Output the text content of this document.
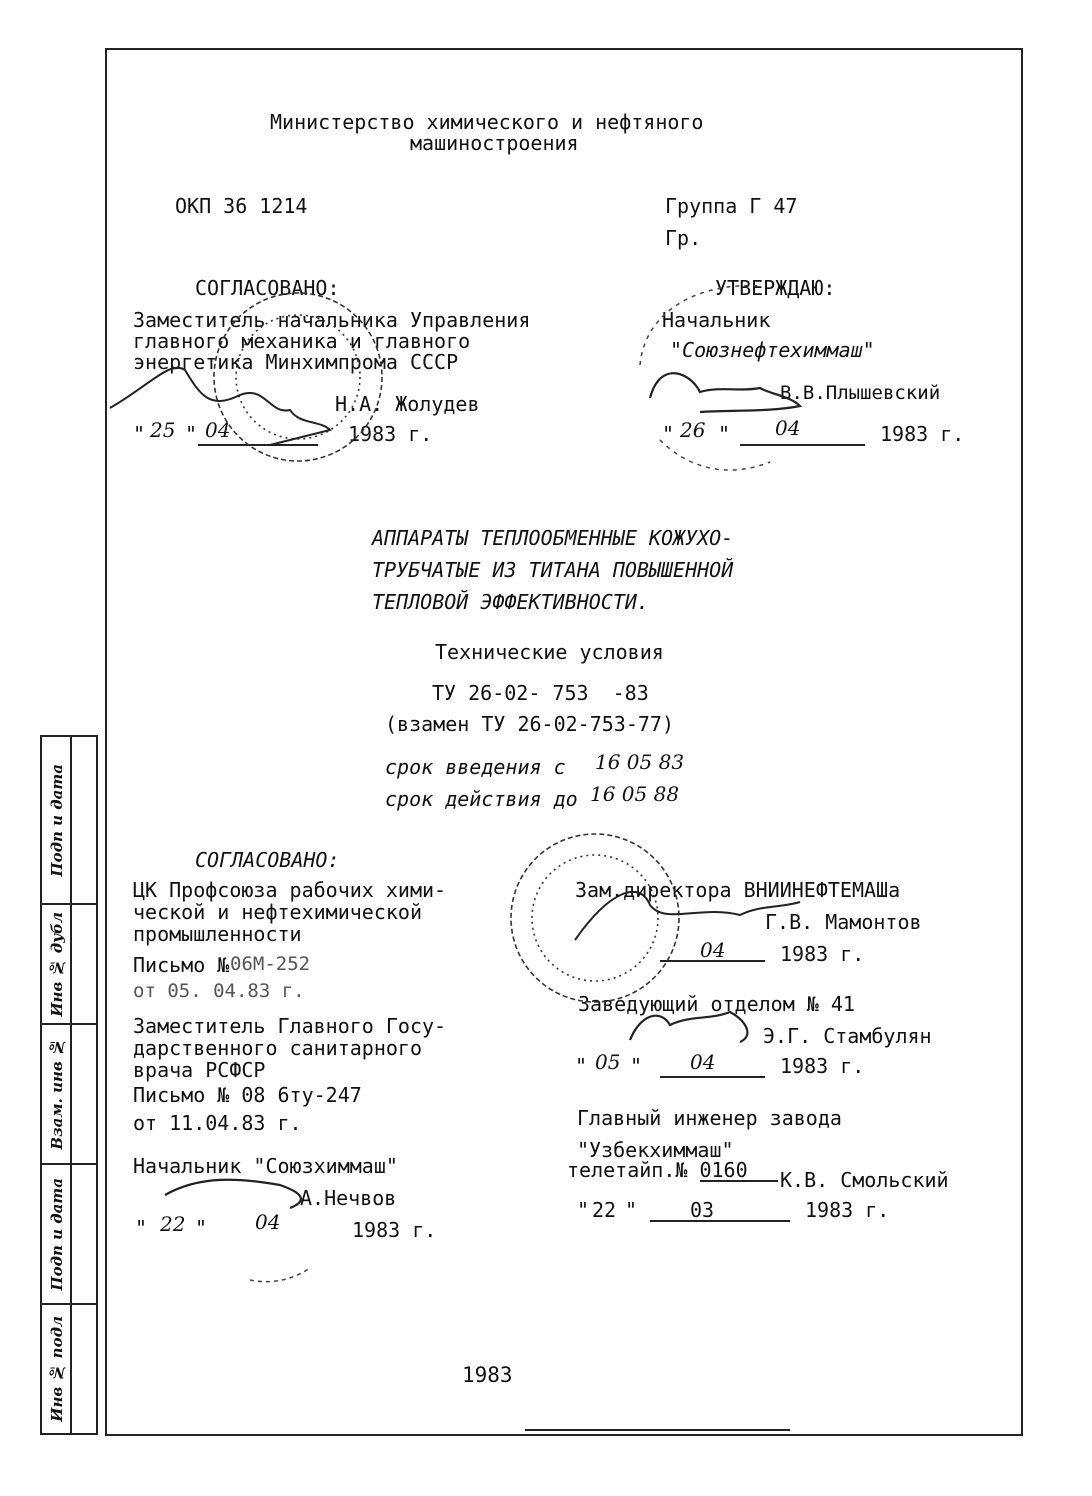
Подп и дата
Инв № дубл
Взам. инв №
Подп и дата
Инв № подл
Министерство химического и нефтяного
машиностроения
ОКП 36 1214	Группа Г 47
Гр.
СОГЛАСОВАНО:
Заместитель начальника Управления
главного механика и главного
энергетика Минхимпрома СССР
Н.А. Жолудев
" 25 " 04	1983 г.
УТВЕРЖДАЮ:
Начальник
"Союзнефтехиммаш"
В.В.Плышевский
" 26 " 04	1983 г.
АППАРАТЫ ТЕПЛООБМЕННЫЕ КОЖУХО-
ТРУБЧАТЫЕ ИЗ ТИТАНА ПОВЫШЕННОЙ
ТЕПЛОВОЙ ЭФФЕКТИВНОСТИ.
Технические условия
ТУ 26-02- 753  -83
(взамен ТУ 26-02-753-77)
срок введения с 16 05 83
срок действия до 16 05 88
СОГЛАСОВАНО:
ЦК Профсоюза рабочих хими-
ческой и нефтехимической
промышленности
Письмо № 06М-252
от 05. 04.83 г.
Заместитель Главного Госу-
дарственного санитарного
врача РСФСР
Письмо № 08 6ту-247
от 11.04.83 г.
Начальник "Союзхиммаш"
А.Нечвов
" 22 " 04	1983 г.
Зам.директора ВНИИНЕФТЕМАШа
Г.В. Мамонтов
04	1983 г.
Заведующий отделом № 41
Э.Г. Стамбулян
" 05 " 04	1983 г.
Главный инженер завода
"Узбекхиммаш"
телетайп.№ 0160 К.В. Смольский
" 22 "	03	1983 г.
1983
